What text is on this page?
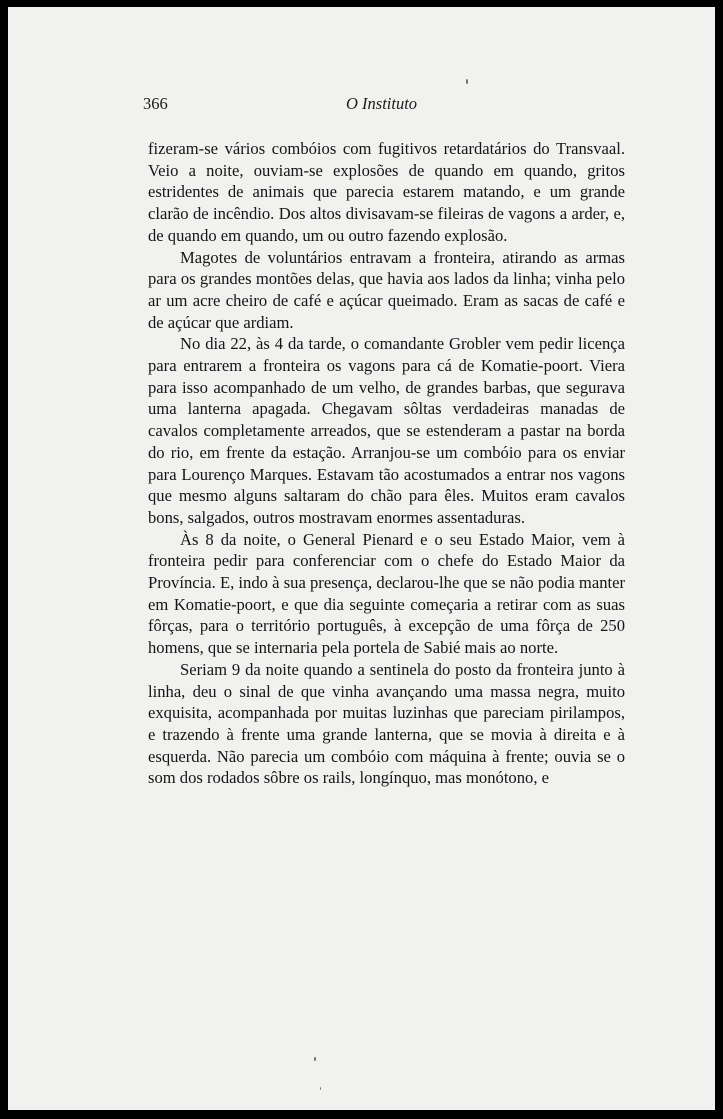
366	O Instituto

fizeram-se vários combóios com fugitivos retardatários do Transvaal. Veio a noite, ouviam-se explosões de quando em quando, gritos estridentes de animais que parecia estarem matando, e um grande clarão de incêndio. Dos altos divisavam-se fileiras de vagons a arder, e, de quando em quando, um ou outro fazendo explosão.

Magotes de voluntários entravam a fronteira, atirando as armas para os grandes montões delas, que havia aos lados da linha; vinha pelo ar um acre cheiro de café e açúcar queimado. Eram as sacas de café e de açúcar que ardiam.

No dia 22, às 4 da tarde, o comandante Grobler vem pedir licença para entrarem a fronteira os vagons para cá de Komatie-poort. Viera para isso acompanhado de um velho, de grandes barbas, que segurava uma lanterna apagada. Chegavam sôltas verdadeiras manadas de cavalos completamente arreados, que se estenderam a pastar na borda do rio, em frente da estação. Arranjou-se um combóio para os enviar para Lourenço Marques. Estavam tão acostumados a entrar nos vagons que mesmo alguns saltaram do chão para êles. Muitos eram cavalos bons, salgados, outros mostravam enormes assentaduras.

Às 8 da noite, o General Pienard e o seu Estado Maior, vem à fronteira pedir para conferenciar com o chefe do Estado Maior da Província. E, indo à sua presença, declarou-lhe que se não podia manter em Komatie-poort, e que dia seguinte começaria a retirar com as suas fôrças, para o território português, à excepção de uma fôrça de 250 homens, que se internaria pela portela de Sabié mais ao norte.

Seriam 9 da noite quando a sentinela do posto da fronteira junto à linha, deu o sinal de que vinha avançando uma massa negra, muito exquisita, acompanhada por muitas luzinhas que pareciam pirilampos, e trazendo à frente uma grande lanterna, que se movia à direita e à esquerda. Não parecia um combóio com máquina à frente; ouvia se o som dos rodados sôbre os rails, longínquo, mas monótono, e
